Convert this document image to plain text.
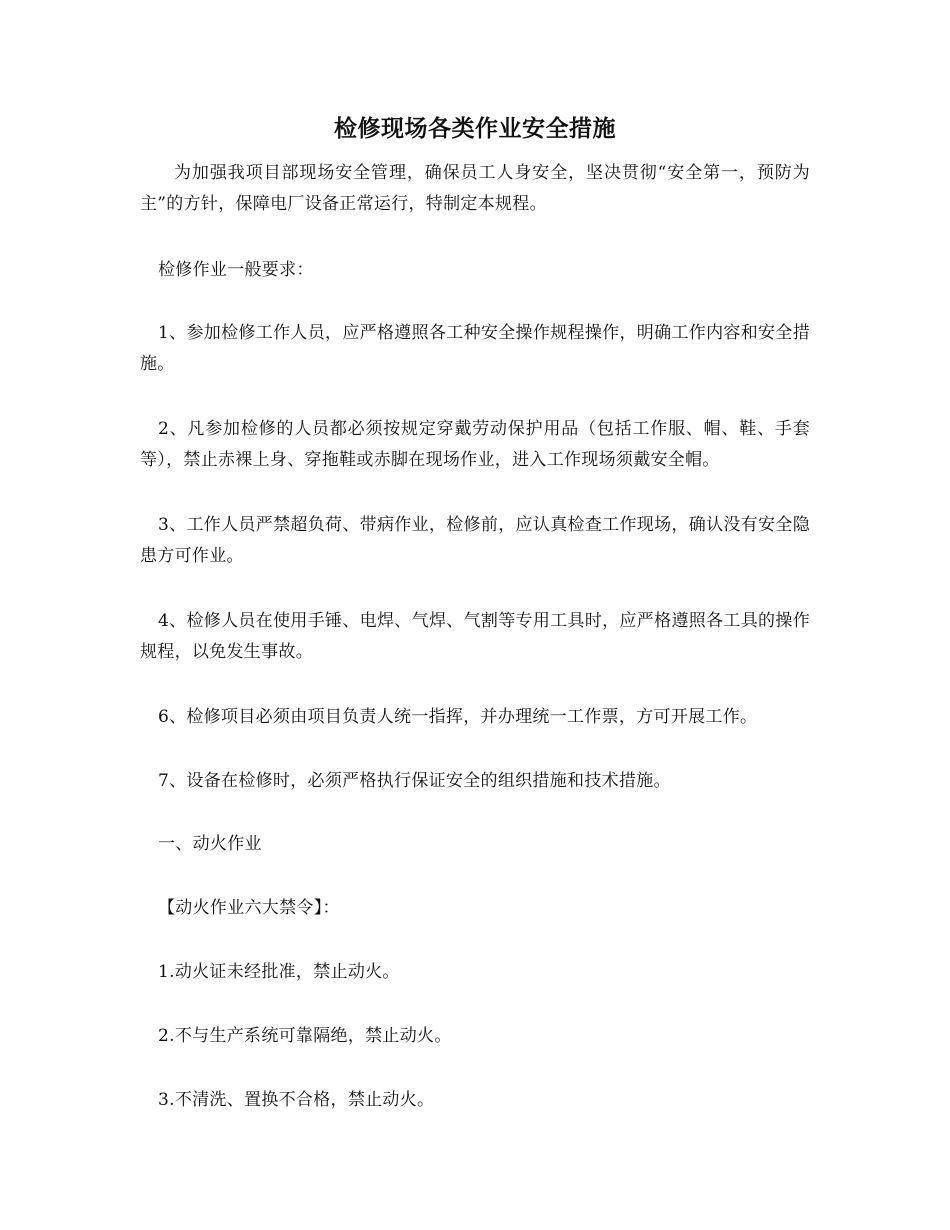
检修现场各类作业安全措施

为加强我项目部现场安全管理，确保员工人身安全，坚决贯彻“安全第一，预防为主”的方针，保障电厂设备正常运行，特制定本规程。

检修作业一般要求：

1、参加检修工作人员，应严格遵照各工种安全操作规程操作，明确工作内容和安全措施。

2、凡参加检修的人员都必须按规定穿戴劳动保护用品（包括工作服、帽、鞋、手套等），禁止赤裸上身、穿拖鞋或赤脚在现场作业，进入工作现场须戴安全帽。

3、工作人员严禁超负荷、带病作业，检修前，应认真检查工作现场，确认没有安全隐患方可作业。

4、检修人员在使用手锤、电焊、气焊、气割等专用工具时，应严格遵照各工具的操作规程，以免发生事故。

6、检修项目必须由项目负责人统一指挥，并办理统一工作票，方可开展工作。

7、设备在检修时，必须严格执行保证安全的组织措施和技术措施。

一、动火作业

【动火作业六大禁令】：

1.动火证未经批准，禁止动火。

2.不与生产系统可靠隔绝，禁止动火。

3.不清洗、置换不合格，禁止动火。
